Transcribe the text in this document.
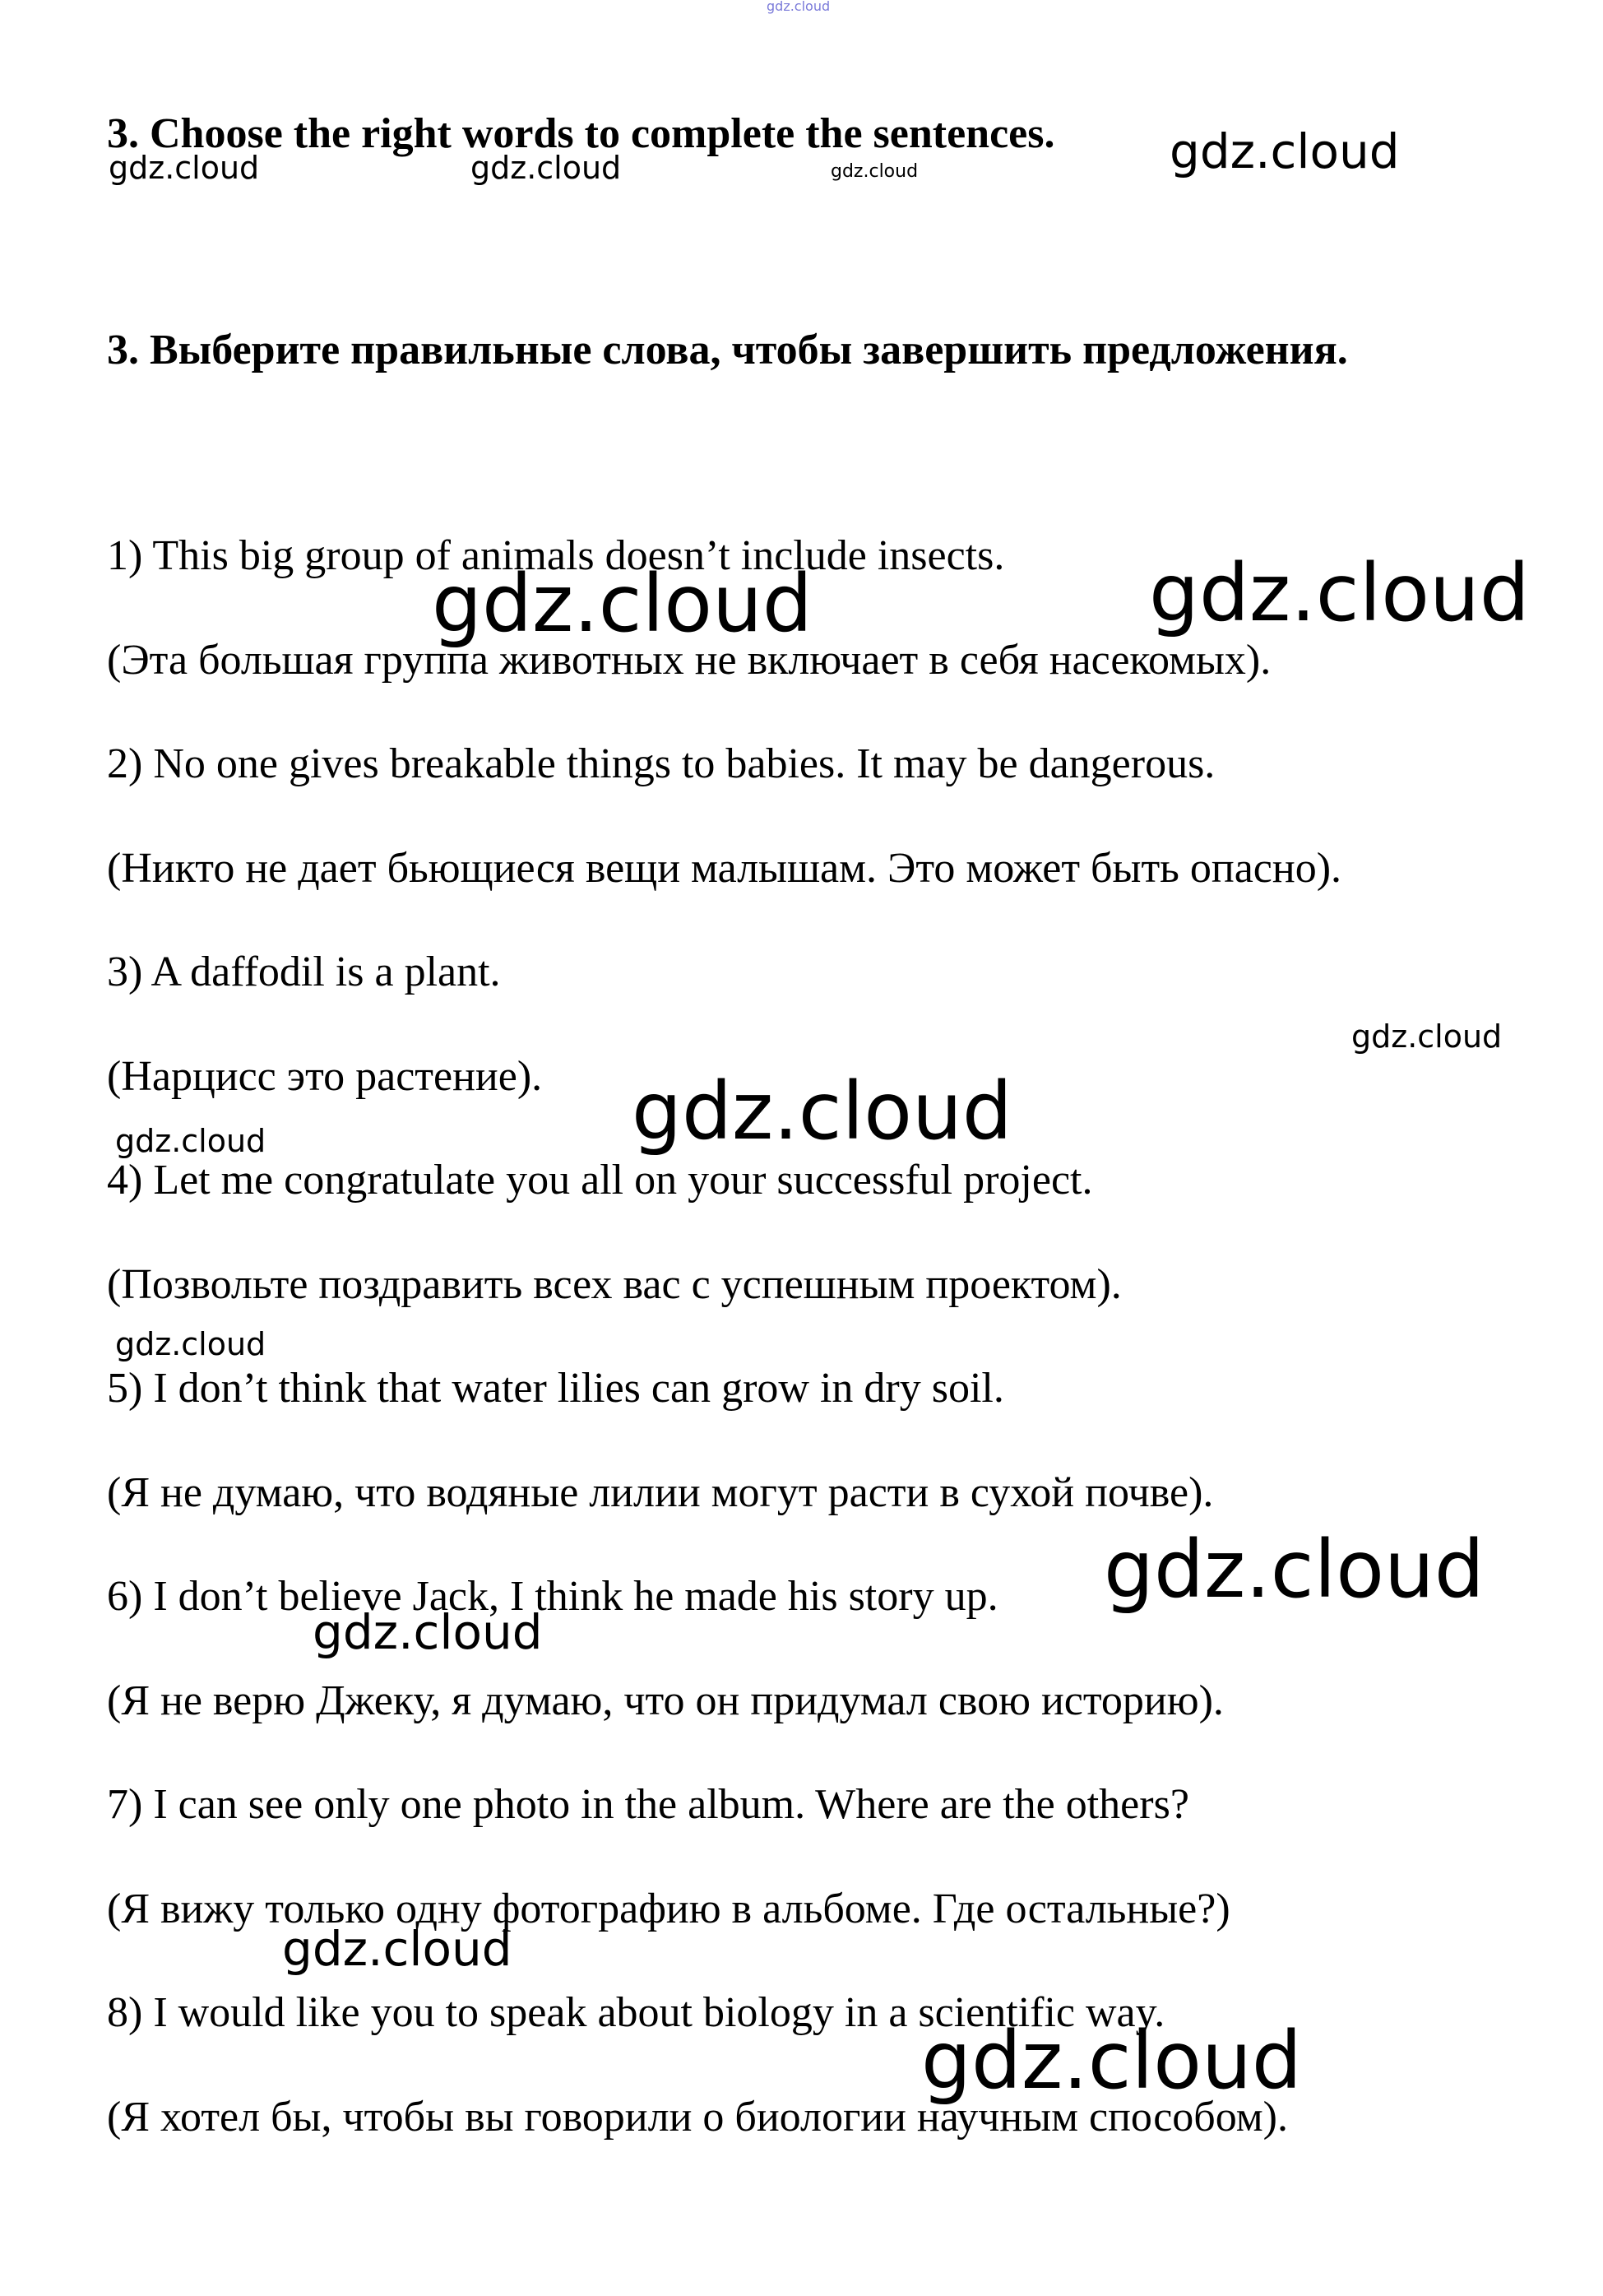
gdz.cloud
3. Choose the right words to complete the sentences.
3. Выберите правильные слова, чтобы завершить предложения.
1) This big group of animals doesn’t include insects.
(Эта большая группа животных не включает в себя насекомых).
2) No one gives breakable things to babies. It may be dangerous.
(Никто не дает бьющиеся вещи малышам. Это может быть опасно).
3) A daffodil is a plant.
(Нарцисс это растение).
4) Let me congratulate you all on your successful project.
(Позвольте поздравить всех вас с успешным проектом).
5) I don’t think that water lilies can grow in dry soil.
(Я не думаю, что водяные лилии могут расти в сухой почве).
6) I don’t believe Jack, I think he made his story up.
(Я не верю Джеку, я думаю, что он придумал свою историю).
7) I can see only one photo in the album. Where are the others?
(Я вижу только одну фотографию в альбоме. Где остальные?)
8) I would like you to speak about biology in a scientific way.
(Я хотел бы, чтобы вы говорили о биологии научным способом).
gdz.cloud	gdz.cloud	gdz.cloud	gdz.cloud
gdz.cloud	gdz.cloud
gdz.cloud
gdz.cloud
gdz.cloud
gdz.cloud
gdz.cloud
gdz.cloud
gdz.cloud
gdz.cloud
